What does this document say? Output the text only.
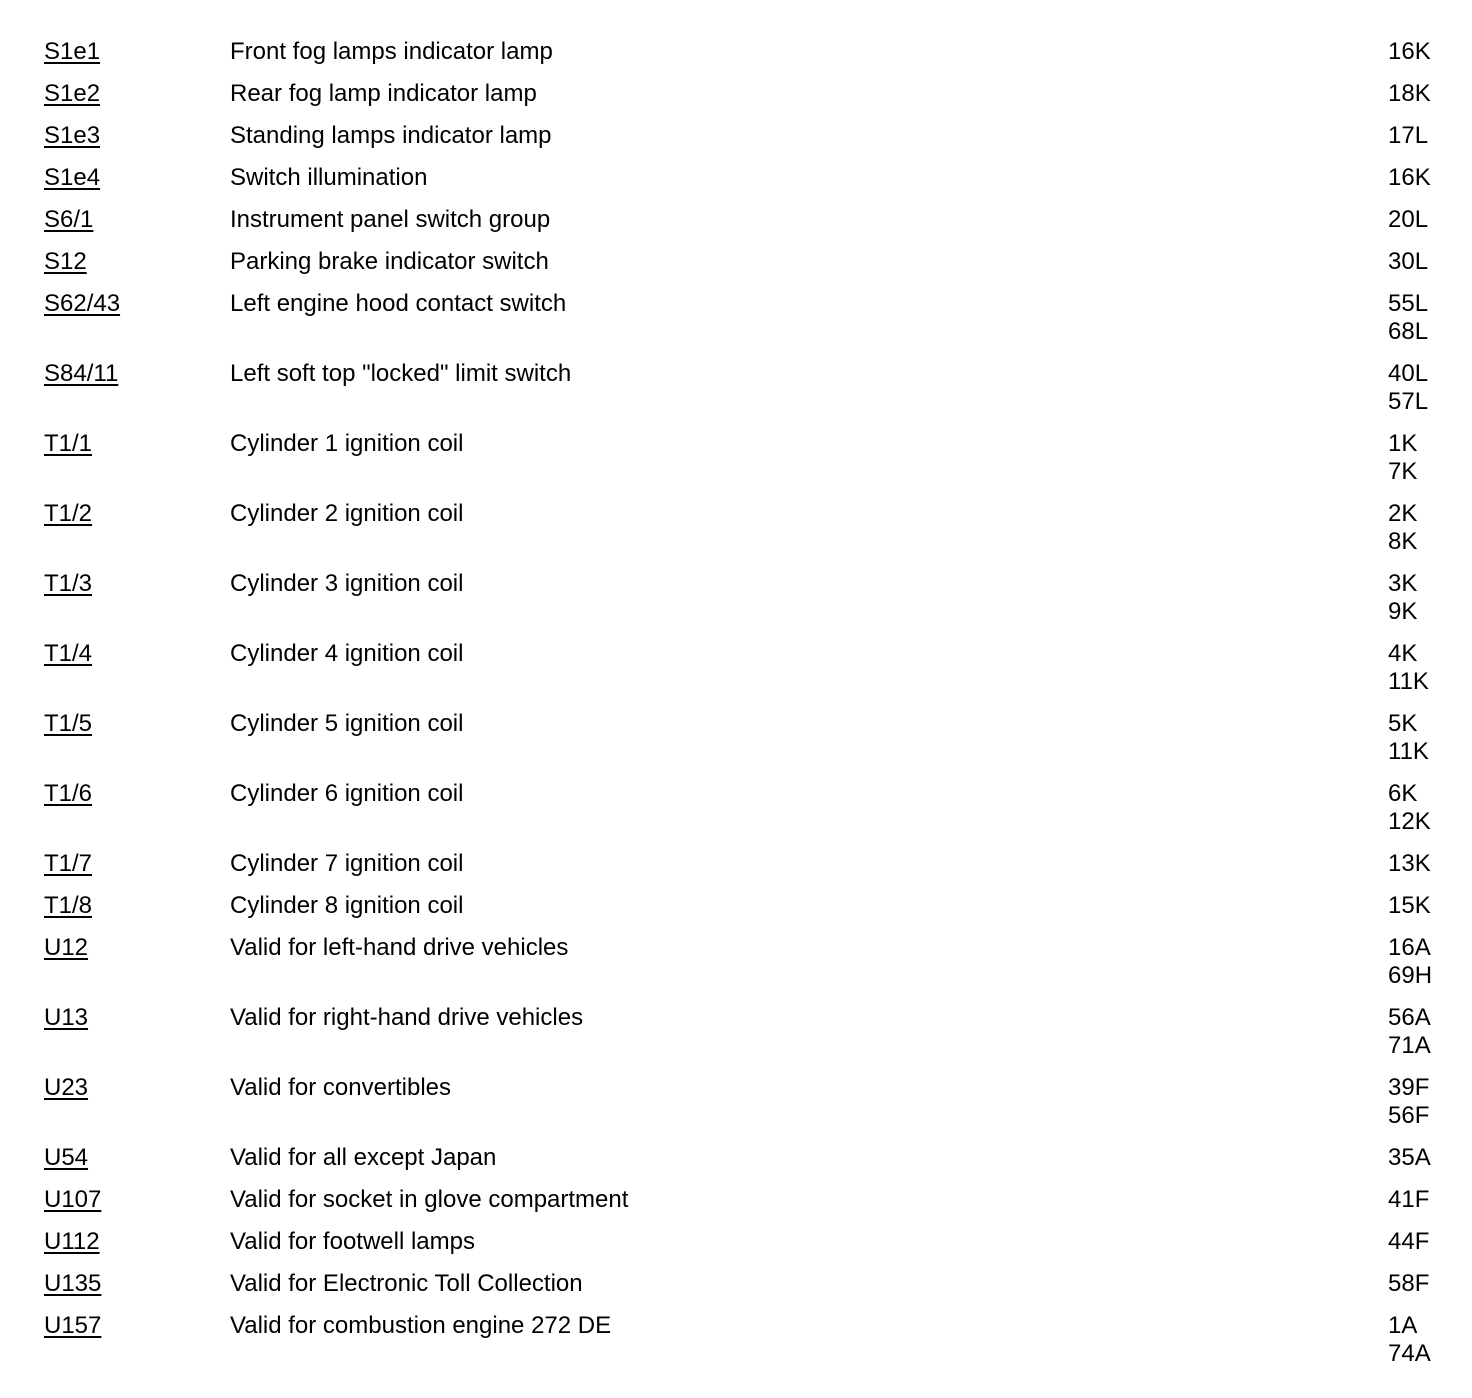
S1e1	Front fog lamps indicator lamp	16K
S1e2	Rear fog lamp indicator lamp	18K
S1e3	Standing lamps indicator lamp	17L
S1e4	Switch illumination	16K
S6/1	Instrument panel switch group	20L
S12	Parking brake indicator switch	30L
S62/43	Left engine hood contact switch	55L
68L
S84/11	Left soft top "locked" limit switch	40L
57L
T1/1	Cylinder 1 ignition coil	1K
7K
T1/2	Cylinder 2 ignition coil	2K
8K
T1/3	Cylinder 3 ignition coil	3K
9K
T1/4	Cylinder 4 ignition coil	4K
11K
T1/5	Cylinder 5 ignition coil	5K
11K
T1/6	Cylinder 6 ignition coil	6K
12K
T1/7	Cylinder 7 ignition coil	13K
T1/8	Cylinder 8 ignition coil	15K
U12	Valid for left-hand drive vehicles	16A
69H
U13	Valid for right-hand drive vehicles	56A
71A
U23	Valid for convertibles	39F
56F
U54	Valid for all except Japan	35A
U107	Valid for socket in glove compartment	41F
U112	Valid for footwell lamps	44F
U135	Valid for Electronic Toll Collection	58F
U157	Valid for combustion engine 272 DE	1A
74A
